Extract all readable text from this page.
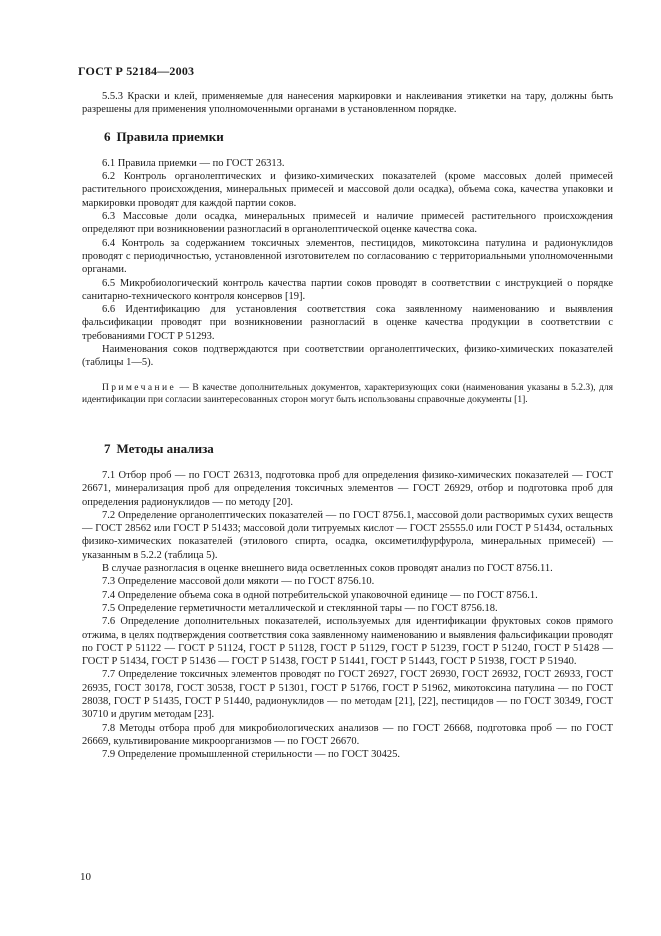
ГОСТ Р 52184—2003

5.5.3 Краски и клей, применяемые для нанесения маркировки и наклеивания этикетки на тару, должны быть разрешены для применения уполномоченными органами в установленном порядке.

6 Правила приемки

6.1 Правила приемки — по ГОСТ 26313.

6.2 Контроль органолептических и физико-химических показателей (кроме массовых долей примесей растительного происхождения, минеральных примесей и массовой доли осадка), объема сока, качества упаковки и маркировки проводят для каждой партии соков.

6.3 Массовые доли осадка, минеральных примесей и наличие примесей растительного происхождения определяют при возникновении разногласий в органолептической оценке качества сока.

6.4 Контроль за содержанием токсичных элементов, пестицидов, микотоксина патулина и радионуклидов проводят с периодичностью, установленной изготовителем по согласованию с территориальными уполномоченными органами.

6.5 Микробиологический контроль качества партии соков проводят в соответствии с инструкцией о порядке санитарно-технического контроля консервов [19].

6.6 Идентификацию для установления соответствия сока заявленному наименованию и выявления фальсификации проводят при возникновении разногласий в оценке качества продукции в соответствии с требованиями ГОСТ Р 51293.

Наименования соков подтверждаются при соответствии органолептических, физико-химических показателей (таблицы 1—5).

Примечание — В качестве дополнительных документов, характеризующих соки (наименования указаны в 5.2.3), для идентификации при согласии заинтересованных сторон могут быть использованы справочные документы [1].

7 Методы анализа

7.1 Отбор проб — по ГОСТ 26313, подготовка проб для определения физико-химических показателей — ГОСТ 26671, минерализация проб для определения токсичных элементов — ГОСТ 26929, отбор и подготовка проб для определения радионуклидов — по методу [20].

7.2 Определение органолептических показателей — по ГОСТ 8756.1, массовой доли растворимых сухих веществ — ГОСТ 28562 или ГОСТ Р 51433; массовой доли титруемых кислот — ГОСТ 25555.0 или ГОСТ Р 51434, остальных физико-химических показателей (этилового спирта, осадка, оксиметилфурфурола, минеральных примесей) — указанным в 5.2.2 (таблица 5).

В случае разногласия в оценке внешнего вида осветленных соков проводят анализ по ГОСТ 8756.11.

7.3 Определение массовой доли мякоти — по ГОСТ 8756.10.

7.4 Определение объема сока в одной потребительской упаковочной единице — по ГОСТ 8756.1.

7.5 Определение герметичности металлической и стеклянной тары — по ГОСТ 8756.18.

7.6 Определение дополнительных показателей, используемых для идентификации фруктовых соков прямого отжима, в целях подтверждения соответствия сока заявленному наименованию и выявления фальсификации проводят по ГОСТ Р 51122 — ГОСТ Р 51124, ГОСТ Р 51128, ГОСТ Р 51129, ГОСТ Р 51239, ГОСТ Р 51240, ГОСТ Р 51428 — ГОСТ Р 51434, ГОСТ Р 51436 — ГОСТ Р 51438, ГОСТ Р 51441, ГОСТ Р 51443, ГОСТ Р 51938, ГОСТ Р 51940.

7.7 Определение токсичных элементов проводят по ГОСТ 26927, ГОСТ 26930, ГОСТ 26932, ГОСТ 26933, ГОСТ 26935, ГОСТ 30178, ГОСТ 30538, ГОСТ Р 51301, ГОСТ Р 51766, ГОСТ Р 51962, микотоксина патулина — по ГОСТ 28038, ГОСТ Р 51435, ГОСТ Р 51440, радионуклидов — по методам [21], [22], пестицидов — по ГОСТ 30349, ГОСТ 30710 и другим методам [23].

7.8 Методы отбора проб для микробиологических анализов — по ГОСТ 26668, подготовка проб — по ГОСТ 26669, культивирование микроорганизмов — по ГОСТ 26670.

7.9 Определение промышленной стерильности — по ГОСТ 30425.

10
